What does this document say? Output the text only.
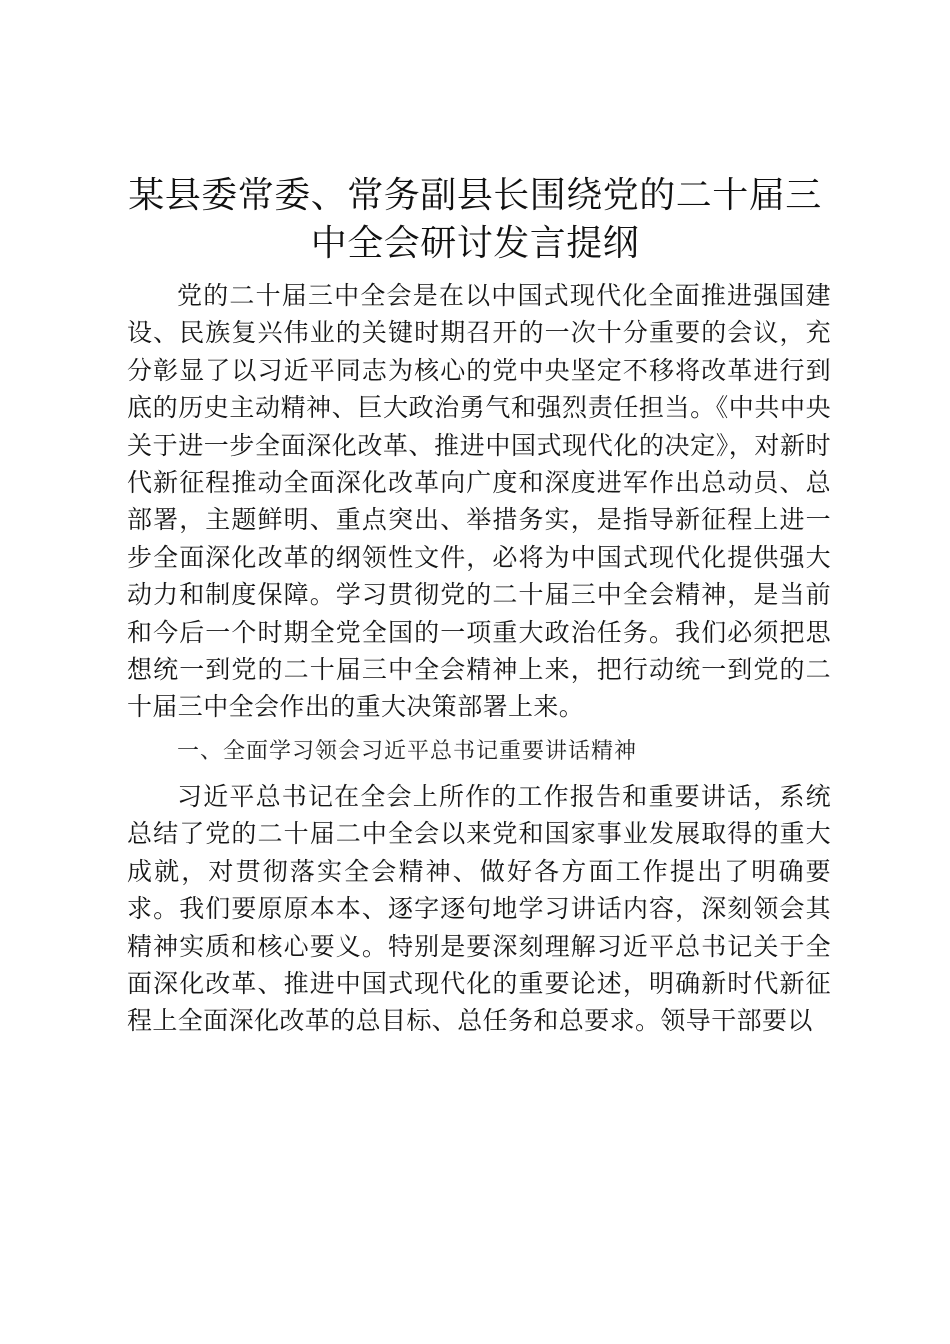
某县委常委、常务副县长围绕党的二十届三中全会研讨发言提纲

党的二十届三中全会是在以中国式现代化全面推进强国建设、民族复兴伟业的关键时期召开的一次十分重要的会议，充分彰显了以习近平同志为核心的党中央坚定不移将改革进行到底的历史主动精神、巨大政治勇气和强烈责任担当。《中共中央关于进一步全面深化改革、推进中国式现代化的决定》，对新时代新征程推动全面深化改革向广度和深度进军作出总动员、总部署，主题鲜明、重点突出、举措务实，是指导新征程上进一步全面深化改革的纲领性文件，必将为中国式现代化提供强大动力和制度保障。学习贯彻党的二十届三中全会精神，是当前和今后一个时期全党全国的一项重大政治任务。我们必须把思想统一到党的二十届三中全会精神上来，把行动统一到党的二十届三中全会作出的重大决策部署上来。

一、全面学习领会习近平总书记重要讲话精神

习近平总书记在全会上所作的工作报告和重要讲话，系统总结了党的二十届二中全会以来党和国家事业发展取得的重大成就，对贯彻落实全会精神、做好各方面工作提出了明确要求。我们要原原本本、逐字逐句地学习讲话内容，深刻领会其精神实质和核心要义。特别是要深刻理解习近平总书记关于全面深化改革、推进中国式现代化的重要论述，明确新时代新征程上全面深化改革的总目标、总任务和总要求。领导干部要以
